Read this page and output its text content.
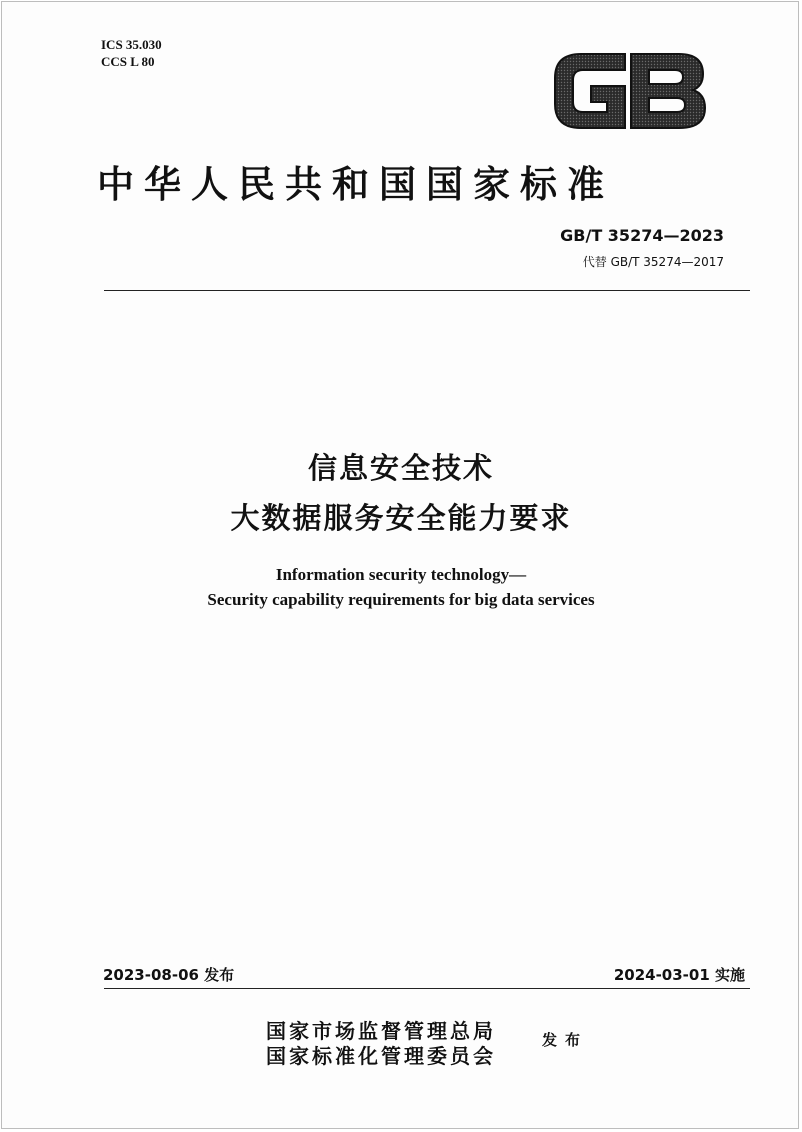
ICS 35.030
CCS L 80
中华人民共和国国家标准
GB/T 35274—2023
代替 GB/T 35274—2017
信息安全技术
大数据服务安全能力要求
Information security technology—
Security capability requirements for big data services
2023-08-06 发布	2024-03-01 实施
国家市场监督管理总局
国家标准化管理委员会
发布
